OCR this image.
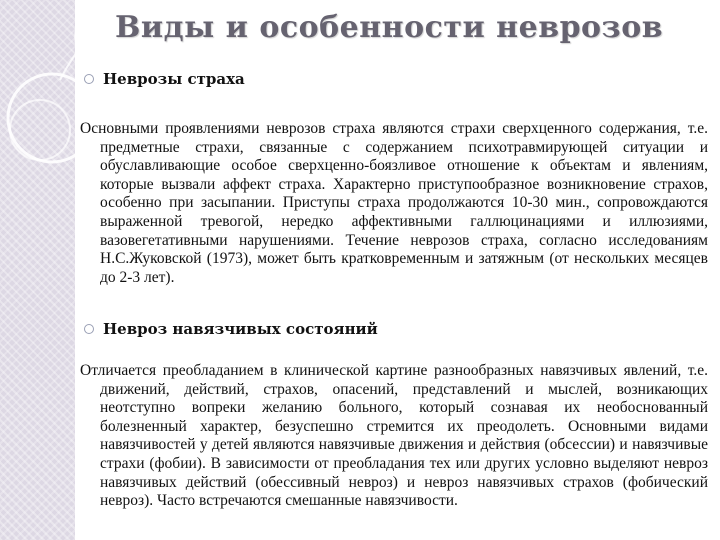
Виды и особенности неврозов
Неврозы страха

Основными проявлениями неврозов страха являются страхи сверхценного содержания, т.е. предметные страхи, связанные с содержанием психотравмирующей ситуации и обуславливающие особое сверхценно-боязливое отношение к объектам и явлениям, которые вызвали аффект страха. Характерно приступообразное возникновение страхов, особенно при засыпании. Приступы страха продолжаются 10-30 мин., сопровождаются выраженной тревогой, нередко аффективными галлюцинациями и иллюзиями, вазовегетативными нарушениями. Течение неврозов страха, согласно исследованиям Н.С.Жуковской (1973), может быть кратковременным и затяжным (от нескольких месяцев до 2-3 лет).

Невроз навязчивых состояний

Отличается преобладанием в клинической картине разнообразных навязчивых явлений, т.е. движений, действий, страхов, опасений, представлений и мыслей, возникающих неотступно вопреки желанию больного, который сознавая их необоснованный болезненный характер, безуспешно стремится их преодолеть. Основными видами навязчивостей у детей являются навязчивые движения и действия (обсессии) и навязчивые страхи (фобии). В зависимости от преобладания тех или других условно выделяют невроз навязчивых действий (обессивный невроз) и невроз навязчивых страхов (фобический невроз). Часто встречаются смешанные навязчивости.
